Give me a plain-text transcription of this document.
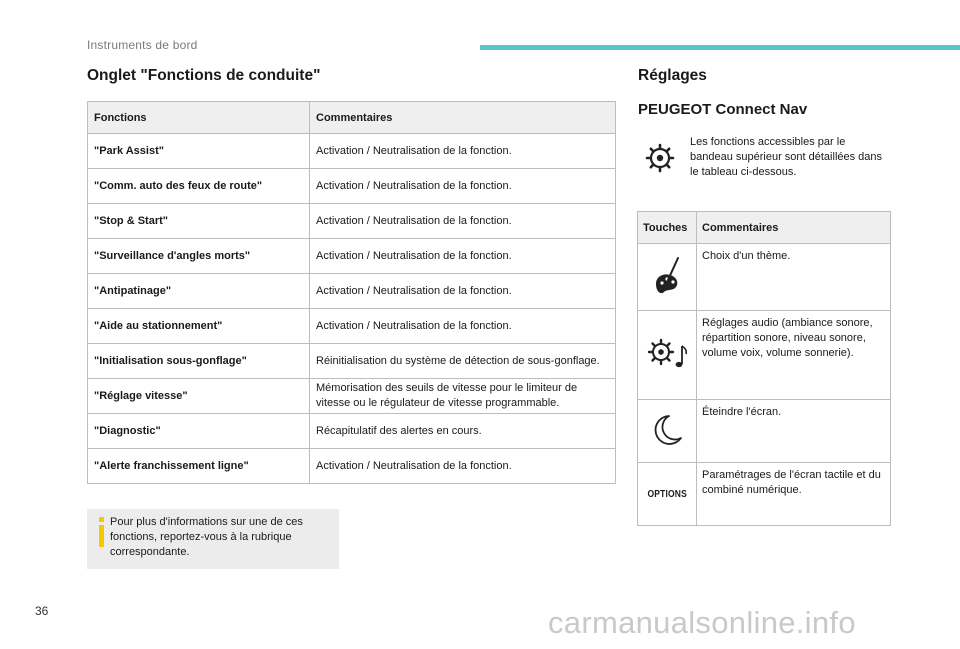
Instruments de bord
Onglet "Fonctions de conduite"
Fonctions	Commentaires
"Park Assist"	Activation / Neutralisation de la fonction.
"Comm. auto des feux de route"	Activation / Neutralisation de la fonction.
"Stop & Start"	Activation / Neutralisation de la fonction.
"Surveillance d'angles morts"	Activation / Neutralisation de la fonction.
"Antipatinage"	Activation / Neutralisation de la fonction.
"Aide au stationnement"	Activation / Neutralisation de la fonction.
"Initialisation sous-gonflage"	Réinitialisation du système de détection de sous-gonflage.
"Réglage vitesse"	Mémorisation des seuils de vitesse pour le limiteur de vitesse ou le régulateur de vitesse programmable.
"Diagnostic"	Récapitulatif des alertes en cours.
"Alerte franchissement ligne"	Activation / Neutralisation de la fonction.
Pour plus d'informations sur une de ces fonctions, reportez-vous à la rubrique correspondante.
Réglages
PEUGEOT Connect Nav
Les fonctions accessibles par le bandeau supérieur sont détaillées dans le tableau ci-dessous.
Touches	Commentaires
	Choix d'un thème.
	Réglages audio (ambiance sonore, répartition sonore, niveau sonore, volume voix, volume sonnerie).
	Éteindre l'écran.
OPTIONS	Paramétrages de l'écran tactile et du combiné numérique.
36	carmanualsonline.info
